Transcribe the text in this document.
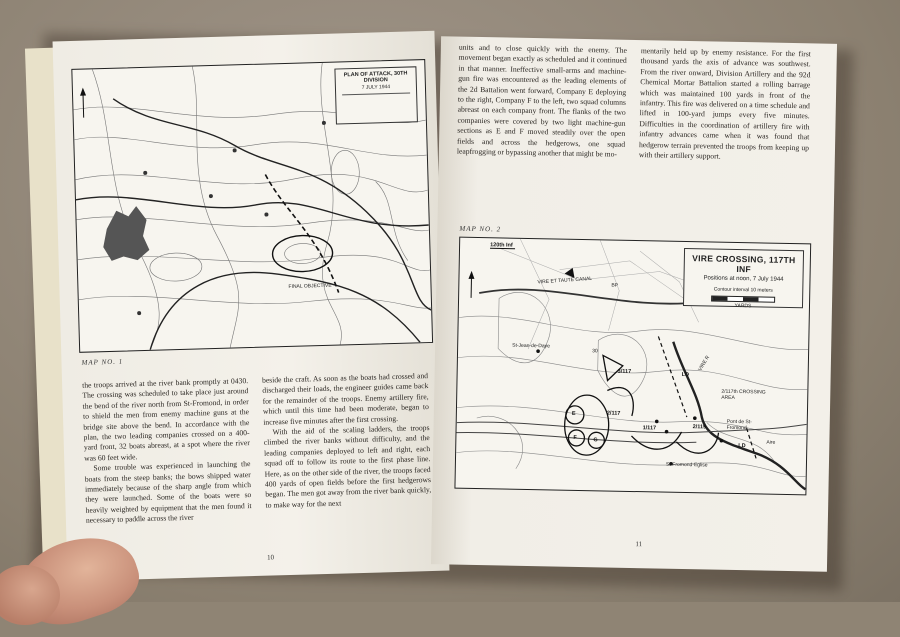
PLAN OF ATTACK, 30TH DIVISION
7 JULY 1944
FINAL OBJECTIVE
MAP NO. 1

the troops arrived at the river bank promptly at 0430. The crossing was scheduled to take place just around the bend of the river north from St-Fromond, in order to shield the men from enemy machine guns at the bridge site above the bend. In accordance with the plan, the two leading companies crossed on a 400-yard front, 32 boats abreast, at a spot where the river was 60 feet wide.

Some trouble was experienced in launching the boats from the steep banks; the bows shipped water immediately because of the sharp angle from which they were launched. Some of the boats were so heavily weighted by equipment that the men found it necessary to paddle across the river

beside the craft. As soon as the boats had crossed and discharged their loads, the engineer guides came back for the remainder of the troops. Enemy artillery fire, which until this time had been moderate, began to increase five minutes after the first crossing.

With the aid of the scaling ladders, the troops climbed the river banks without difficulty, and the leading companies deployed to left and right, each squad off to follow its route to the first phase line. Here, as on the other side of the river, the troops faced 400 yards of open fields before the first hedgerows began. The men got away from the river bank quickly, to make way for the next

10

units and to close quickly with the enemy. The movement began exactly as scheduled and it continued in that manner. Ineffective small-arms and machine-gun fire was encountered as the leading elements of the 2d Battalion went forward, Company E deploying to the right, Company F to the left, two squad columns abreast on each company front. The flanks of the two companies were covered by two light machine-gun sections as E and F moved steadily over the open fields and across the hedgerows, one squad leapfrogging or bypassing another that might be mo-

mentarily held up by enemy resistance. For the first thousand yards the axis of advance was southwest. From the river onward, Division Artillery and the 92d Chemical Mortar Battalion started a rolling barrage which was maintained 100 yards in front of the infantry. This fire was delivered on a time schedule and lifted in 100-yard jumps every five minutes. Difficulties in the coordination of artillery fire with infantry advances came when it was found that hedgerow terrain prevented the troops from keeping up with their artillery support.

MAP NO. 2
VIRE CROSSING, 117TH INF
Positions at noon, 7 July 1944
Contour interval 10 meters
YARDS
120th Inf
VIRE ET TAUTE CANAL
BP
St-Jean-de-Daye
30
3/117
2/117
1/117	2/119
E
F	G
LD
LD
VIRE R
2/117th CROSSING AREA
Pont de St-Fromond
Aire
St-Fromond-Eglise
11
